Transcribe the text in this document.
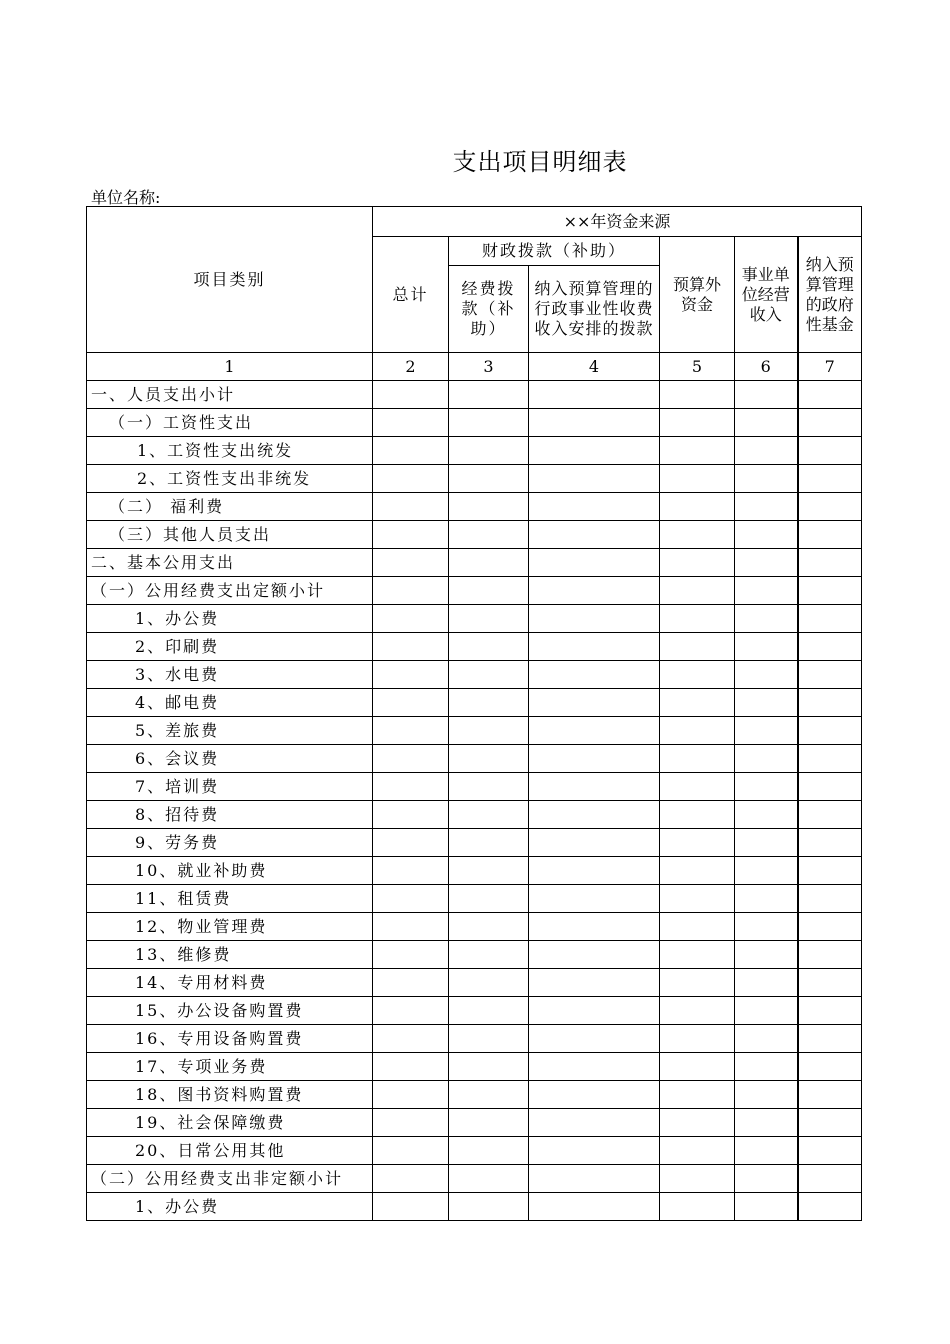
支出项目明细表
单位名称:
项目类别	××年资金来源					
	总计	财政拨款（补助）		预算外资金	事业单位经营收入	纳入预算管理的政府性基金
		经费拨款（补助）	纳入预算管理的行政事业性收费收入安排的拨款			
1	2	3	4	5	6	7
一、人员支出小计						
（一）工资性支出						
1、工资性支出统发						
2、工资性支出非统发						
（二） 福利费						
（三）其他人员支出						
二、基本公用支出						
（一）公用经费支出定额小计						
1、办公费						
2、印刷费						
3、水电费						
4、邮电费						
5、差旅费						
6、会议费						
7、培训费						
8、招待费						
9、劳务费						
10、就业补助费						
11、租赁费						
12、物业管理费						
13、维修费						
14、专用材料费						
15、办公设备购置费						
16、专用设备购置费						
17、专项业务费						
18、图书资料购置费						
19、社会保障缴费						
20、日常公用其他						
（二）公用经费支出非定额小计						
1、办公费						
